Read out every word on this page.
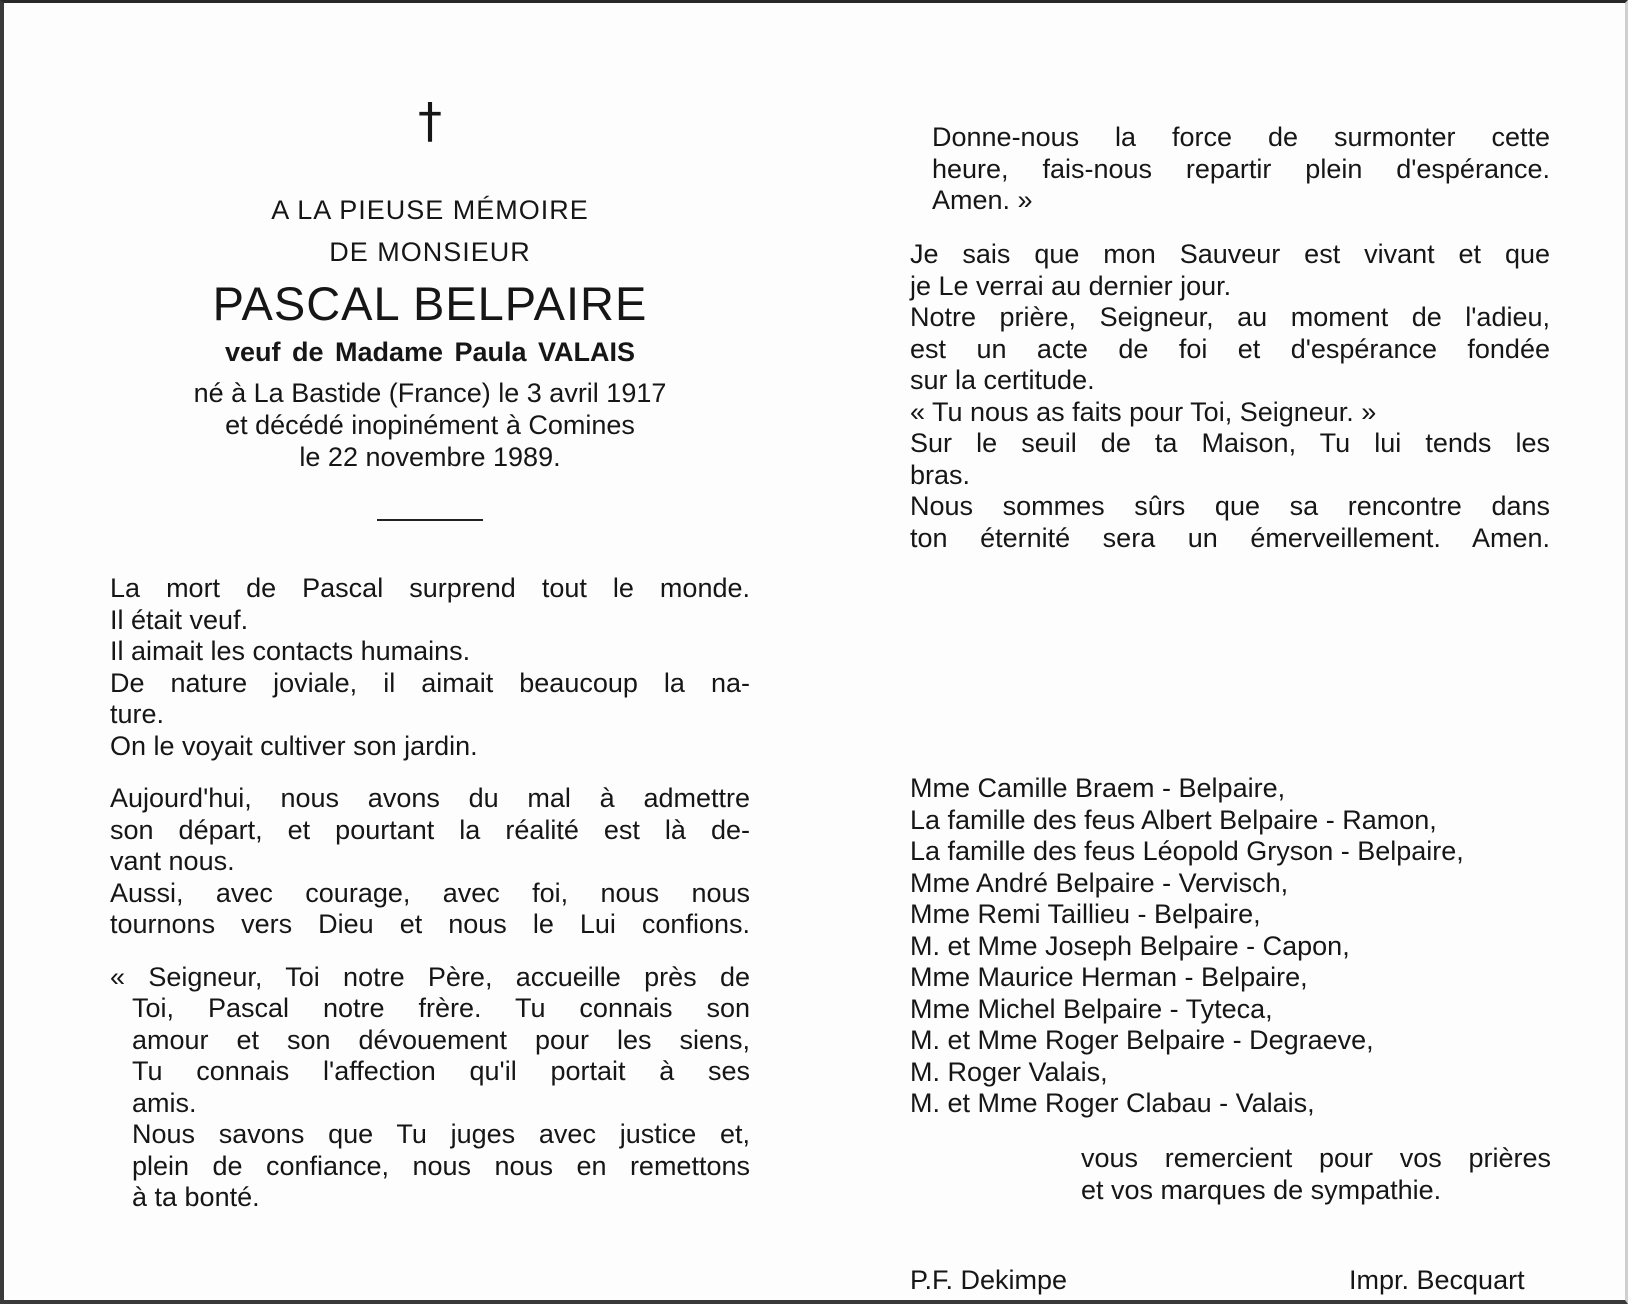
†
A LA PIEUSE MÉMOIRE
DE MONSIEUR
PASCAL BELPAIRE
veuf de Madame Paula VALAIS
né à La Bastide (France) le 3 avril 1917
et décédé inopinément à Comines
le 22 novembre 1989.
La mort de Pascal surprend tout le monde.
Il était veuf.
Il aimait les contacts humains.
De nature joviale, il aimait beaucoup la na-
ture.
On le voyait cultiver son jardin.
Aujourd'hui, nous avons du mal à admettre
son départ, et pourtant la réalité est là de-
vant nous.
Aussi, avec courage, avec foi, nous nous
tournons vers Dieu et nous le Lui confions.
« Seigneur, Toi notre Père, accueille près de
Toi, Pascal notre frère. Tu connais son
amour et son dévouement pour les siens,
Tu connais l'affection qu'il portait à ses
amis.
Nous savons que Tu juges avec justice et,
plein de confiance, nous nous en remettons
à ta bonté.
Donne-nous la force de surmonter cette
heure, fais-nous repartir plein d'espérance.
Amen. »
Je sais que mon Sauveur est vivant et que
je Le verrai au dernier jour.
Notre prière, Seigneur, au moment de l'adieu,
est un acte de foi et d'espérance fondée
sur la certitude.
« Tu nous as faits pour Toi, Seigneur. »
Sur le seuil de ta Maison, Tu lui tends les
bras.
Nous sommes sûrs que sa rencontre dans
ton éternité sera un émerveillement. Amen.
Mme Camille Braem - Belpaire,
La famille des feus Albert Belpaire - Ramon,
La famille des feus Léopold Gryson - Belpaire,
Mme André Belpaire - Vervisch,
Mme Remi Taillieu - Belpaire,
M. et Mme Joseph Belpaire - Capon,
Mme Maurice Herman - Belpaire,
Mme Michel Belpaire - Tyteca,
M. et Mme Roger Belpaire - Degraeve,
M. Roger Valais,
M. et Mme Roger Clabau - Valais,
vous remercient pour vos prières
et vos marques de sympathie.
P.F. Dekimpe	Impr. Becquart
